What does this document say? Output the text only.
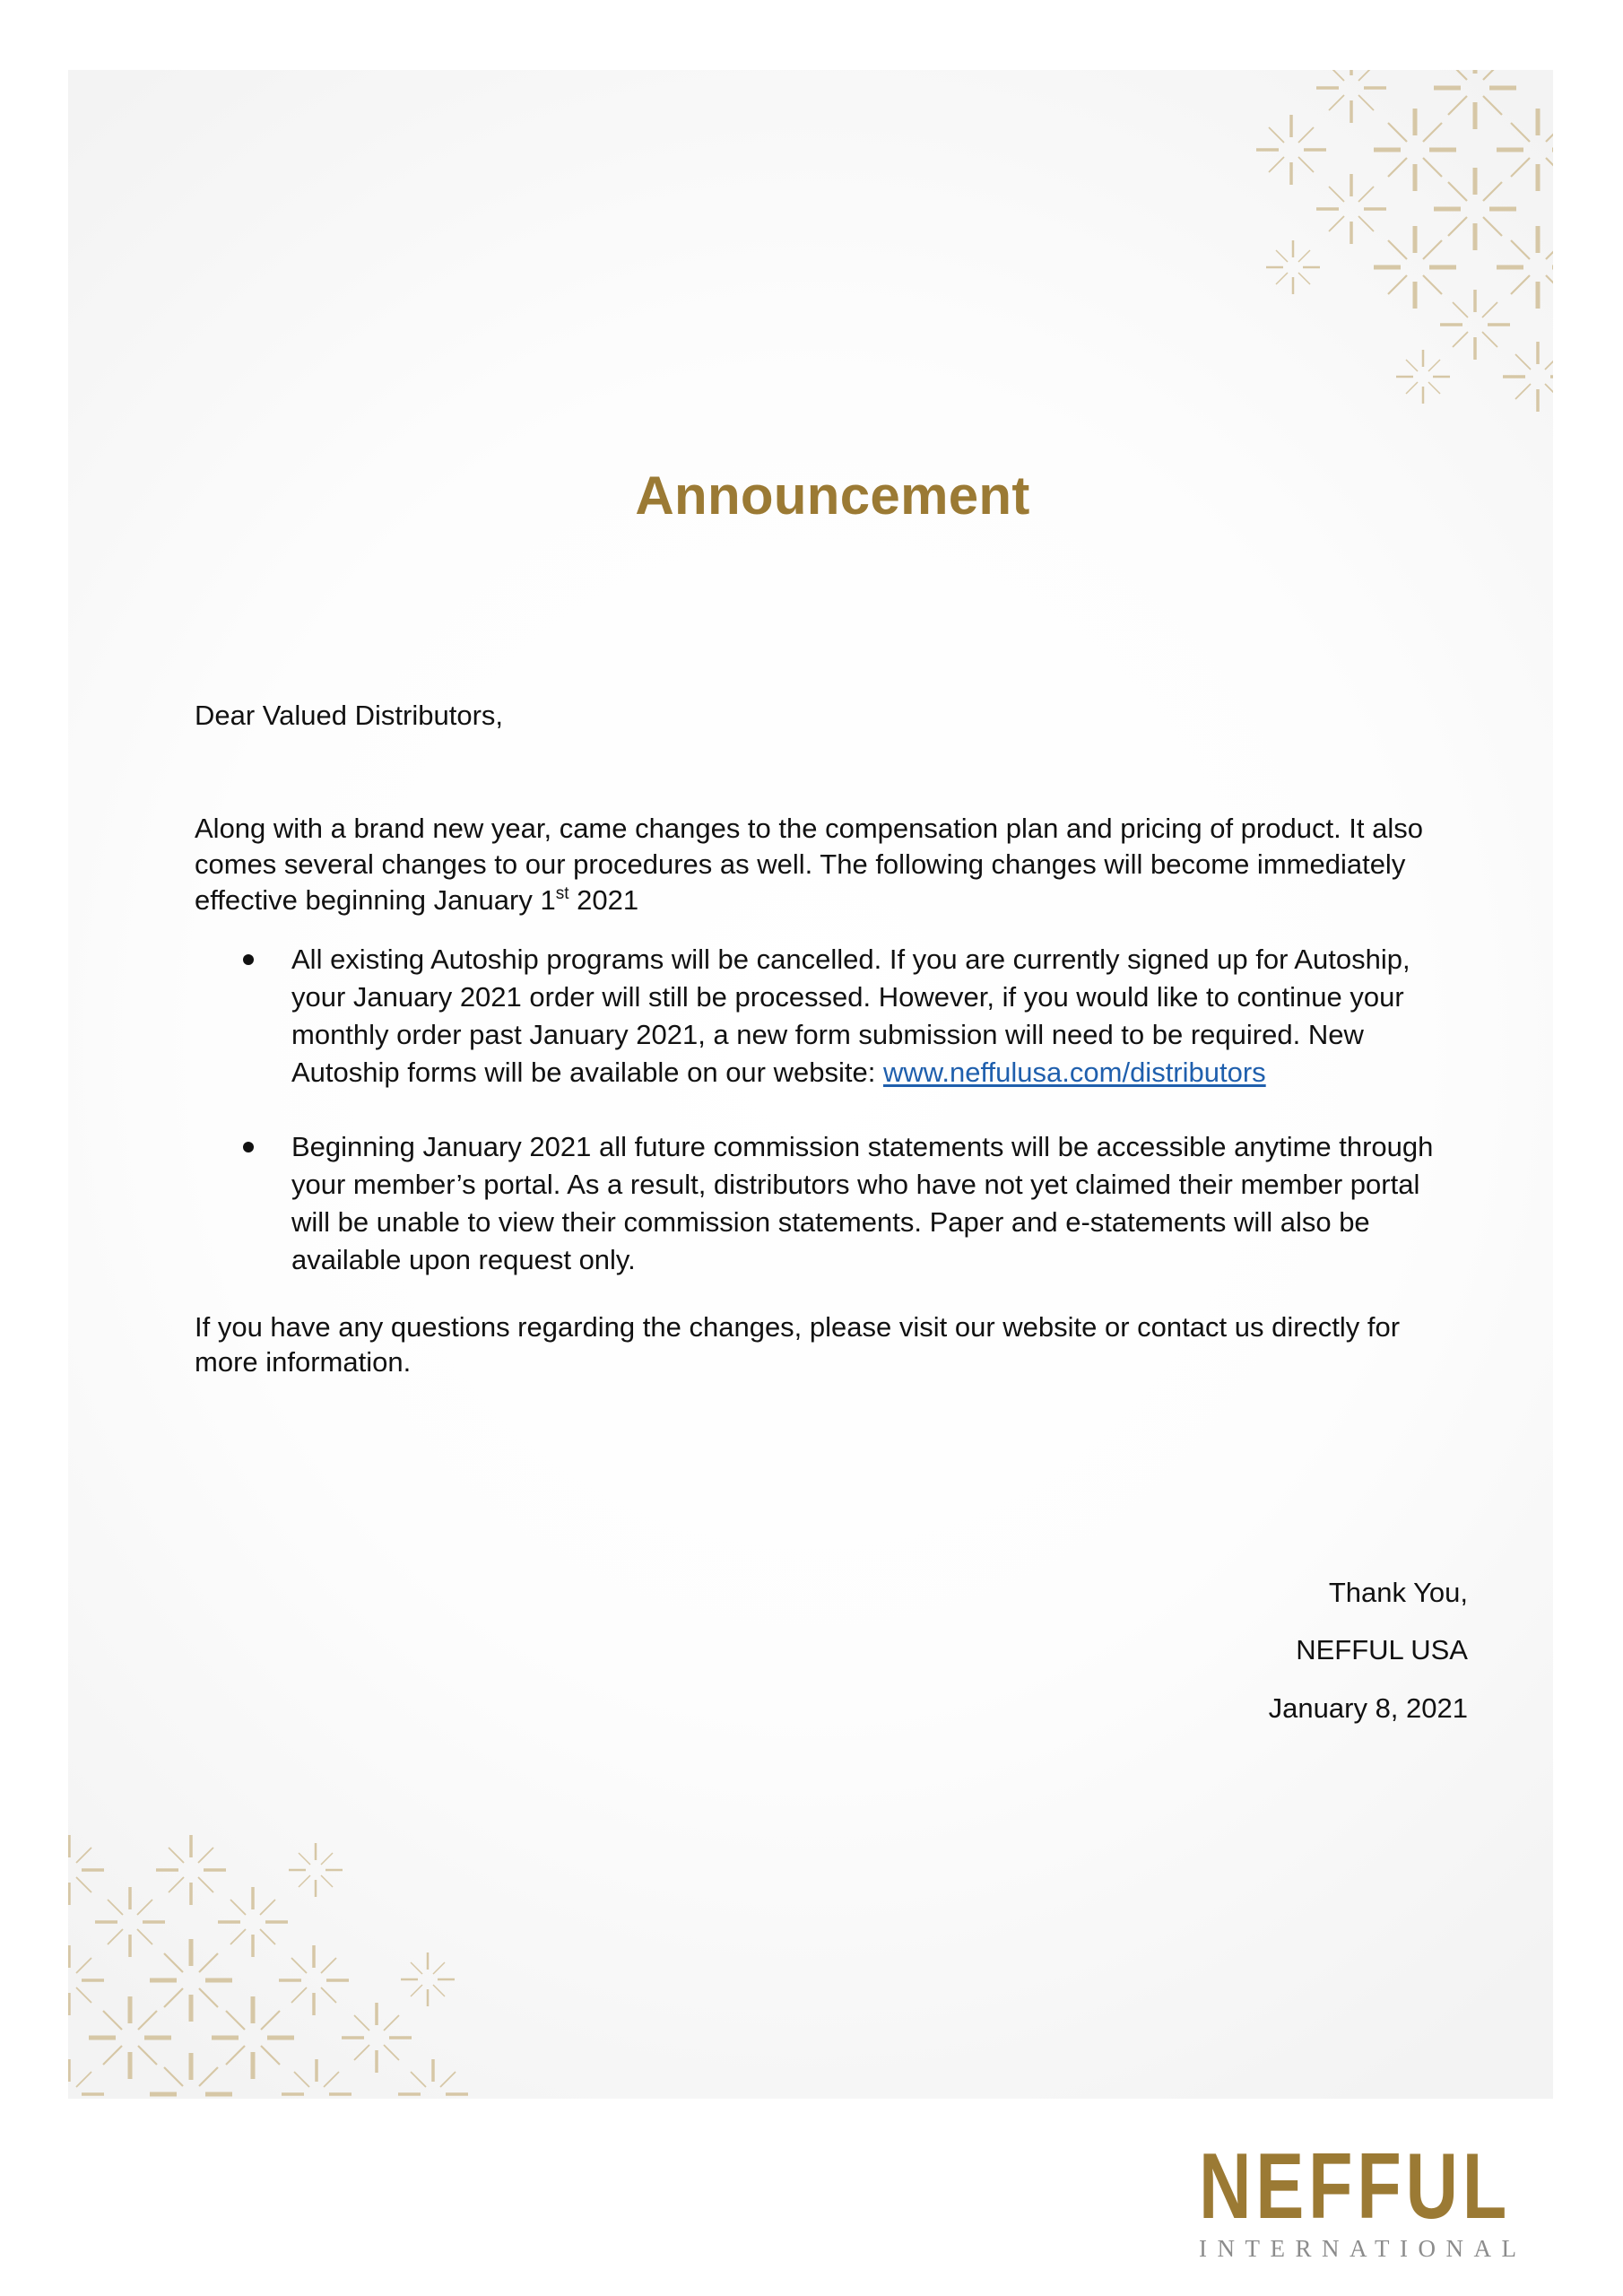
Announcement
Dear Valued Distributors,
Along with a brand new year, came changes to the compensation plan and pricing of product. It also
comes several changes to our procedures as well. The following changes will become immediately
effective beginning January 1st 2021
All existing Autoship programs will be cancelled. If you are currently signed up for Autoship,
your January 2021 order will still be processed. However, if you would like to continue your
monthly order past January 2021, a new form submission will need to be required. New
Autoship forms will be available on our website: www.neffulusa.com/distributors
Beginning January 2021 all future commission statements will be accessible anytime through
your member’s portal. As a result, distributors who have not yet claimed their member portal
will be unable to view their commission statements. Paper and e-statements will also be
available upon request only.
If you have any questions regarding the changes, please visit our website or contact us directly for
more information.
Thank You,
NEFFUL USA
January 8, 2021
NEFFUL
INTERNATIONAL
